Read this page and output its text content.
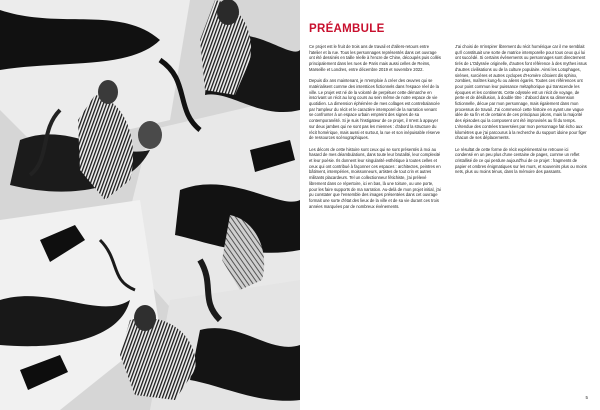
PRÉAMBULE

Ce projet est le fruit de trois ans de travail et d'allers-retours entre l'atelier et la rue. Tous les personnages représentés dans cet ouvrage ont été dessinés en taille réelle à l'encre de Chine, découpés puis collés principalement dans les rues de Paris mais aussi celles de Reims, Marseille et Londres, entre décembre 2019 et novembre 2022.

Depuis dix ans maintenant, je m'emploie à créer des œuvres qui se matérialisent comme des interstices fictionnels dans l'espace réel de la ville. Le projet est né de la volonté de perpétuer cette démarche en inscrivant un récit au long cours au sein même de notre espace de vie quotidien. La dimension éphémère de mes collages est contrebalancée par l'ampleur du récit et le caractère intemporel de la narration venant se confronter à un espace urbain empreint des signes de sa contemporanéité. Si je suis l'instigateur de ce projet, il m'est à appuyer sur deux jambes qui ne sont pas les miennes : d'abord la structure du récit homérique, mais aussi et surtout, la rue et son inépuisable réserve de ressources scénographiques.

Les décors de cette histoire sont ceux qui se sont présentés à moi au hasard de mes déambulations, dans toute leur brutalité, leur complexité et leur poésie. Ils donnent leur singularité esthétique à toutes celles et ceux qui ont contribué à façonner ces espaces : architectes, peintres en bâtiment, intempéries, moissonneurs, artistes de tout crin et autres militants placardeurs. Tel un collectionneur fétichiste, j'ai prélevé librement dans ce répertoire, ici en bas, là une toiture, ou une porte, pour les faire supports de ma narration. Au-delà de mon projet initial, j'ai pu constater que l'ensemble des images présentées dans cet ouvrage formait une sorte d'état des lieux de la ville et de sa vie durant ces trois années marquées par de nombreux événements.

J'ai choisi de m'inspirer librement du récit homérique car il me semblait qu'il constituait une sorte de matrice intemporelle pour tous ceux qui lui ont succédé. Si certains évènements ou personnages sont directement tirés de L'Odyssée originelle, d'autres font référence à des mythes issus d'autres civilisations ou de la culture populaire. Ainsi les Lotophages, sirènes, sorcières et autres cyclopes d'Homère côtoient dis sphinx, zombies, maîtres kung-fu ou aliens égarés. Toutes ces références ont pour point commun leur puissance métaphorique qui transcende les époques et les continents. Cette odyssée est un récit de voyage, de perte et de désillusion, à double titre : d'abord dans sa dimension fictionnelle, décue par mon personnage, mais également dans mon processus de travail. J'ai commencé cette histoire en ayant une vague idée de sa fin et de certains de ces principaux jalons, mais la majorité des épisodes qui la composent ont été improvisés au fil du temps. L'étendue des contrées traversées par mon personnage fait écho aux kilomètres que j'ai parcourus à la recherche du support idoine pour figer chacun de ses déplacements.

Le résultat de cette forme de récit expérimental se retrouve ici condensé en un peu plus d'une centaine de pages, comme un reflet cristallisé de ce qui perdure aujourd'hui de ce projet : fragments de papier et ombres énigmatiques sur les murs, et souvenirs plus ou moins nets, plus ou moins ténus, dans la mémoire des passants.

5
